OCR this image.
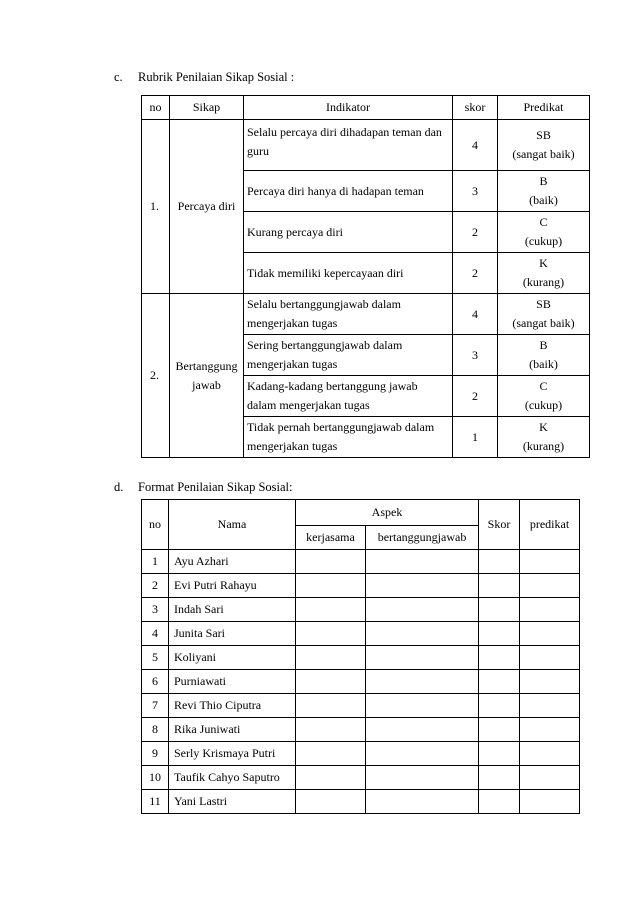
c. Rubrik Penilaian Sikap Sosial :
no	Sikap	Indikator	skor	Predikat
1.	Percaya diri	Selalu percaya diri dihadapan teman dan guru	4	SB
(sangat baik)

		Percaya diri hanya di hadapan teman	3	B
(baik)

		Kurang percaya diri	2	C
(cukup)

		Tidak memiliki kepercayaan diri	2	K
(kurang)

2.	Bertanggung jawab	Selalu bertanggungjawab dalam mengerjakan tugas	4	SB
(sangat baik)

		Sering bertanggungjawab dalam mengerjakan tugas	3	B
(baik)

		Kadang-kadang bertanggung jawab dalam mengerjakan tugas	2	C
(cukup)

		Tidak pernah bertanggungjawab dalam mengerjakan tugas	1	K
(kurang)
d. Format Penilaian Sikap Sosial:
no	Nama	Aspek		Skor	predikat
		kerjasama	bertanggungjawab		
1	Ayu Azhari				
2	Evi Putri Rahayu				
3	Indah Sari				
4	Junita Sari				
5	Koliyani				
6	Purniawati				
7	Revi Thio Ciputra				
8	Rika Juniwati				
9	Serly Krismaya Putri				
10	Taufik Cahyo Saputro				
11	Yani Lastri				
